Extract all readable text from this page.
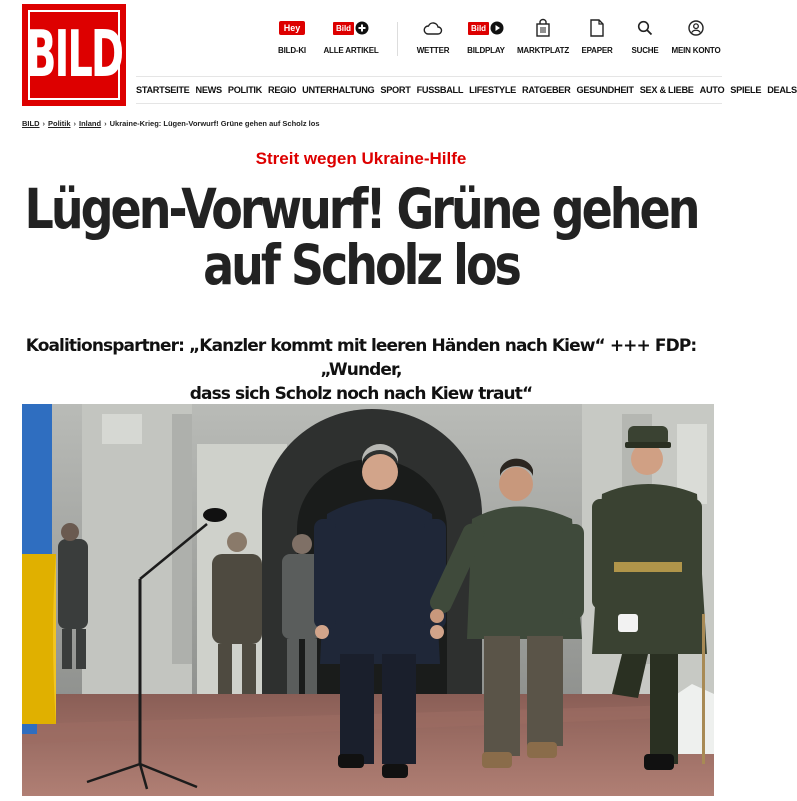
BILD	Hey
BILD-KI
Bild
ALLE ARTIKEL	WETTER
Bild
BILDPLAY	MARKTPLATZ	EPAPER	SUCHE	MEIN KONTO
STARTSEITE NEWS POLITIK REGIO UNTERHALTUNG SPORT FUSSBALL LIFESTYLE RATGEBER GESUNDHEIT SEX & LIEBE AUTO SPIELE DEALS
BILD › Politik › Inland › Ukraine-Krieg: Lügen-Vorwurf! Grüne gehen auf Scholz los
Streit wegen Ukraine-Hilfe
Lügen-Vorwurf! Grüne gehen
auf Scholz los
Koalitionspartner: „Kanzler kommt mit leeren Händen nach Kiew“ +++ FDP: „Wunder,
dass sich Scholz noch nach Kiew traut“
